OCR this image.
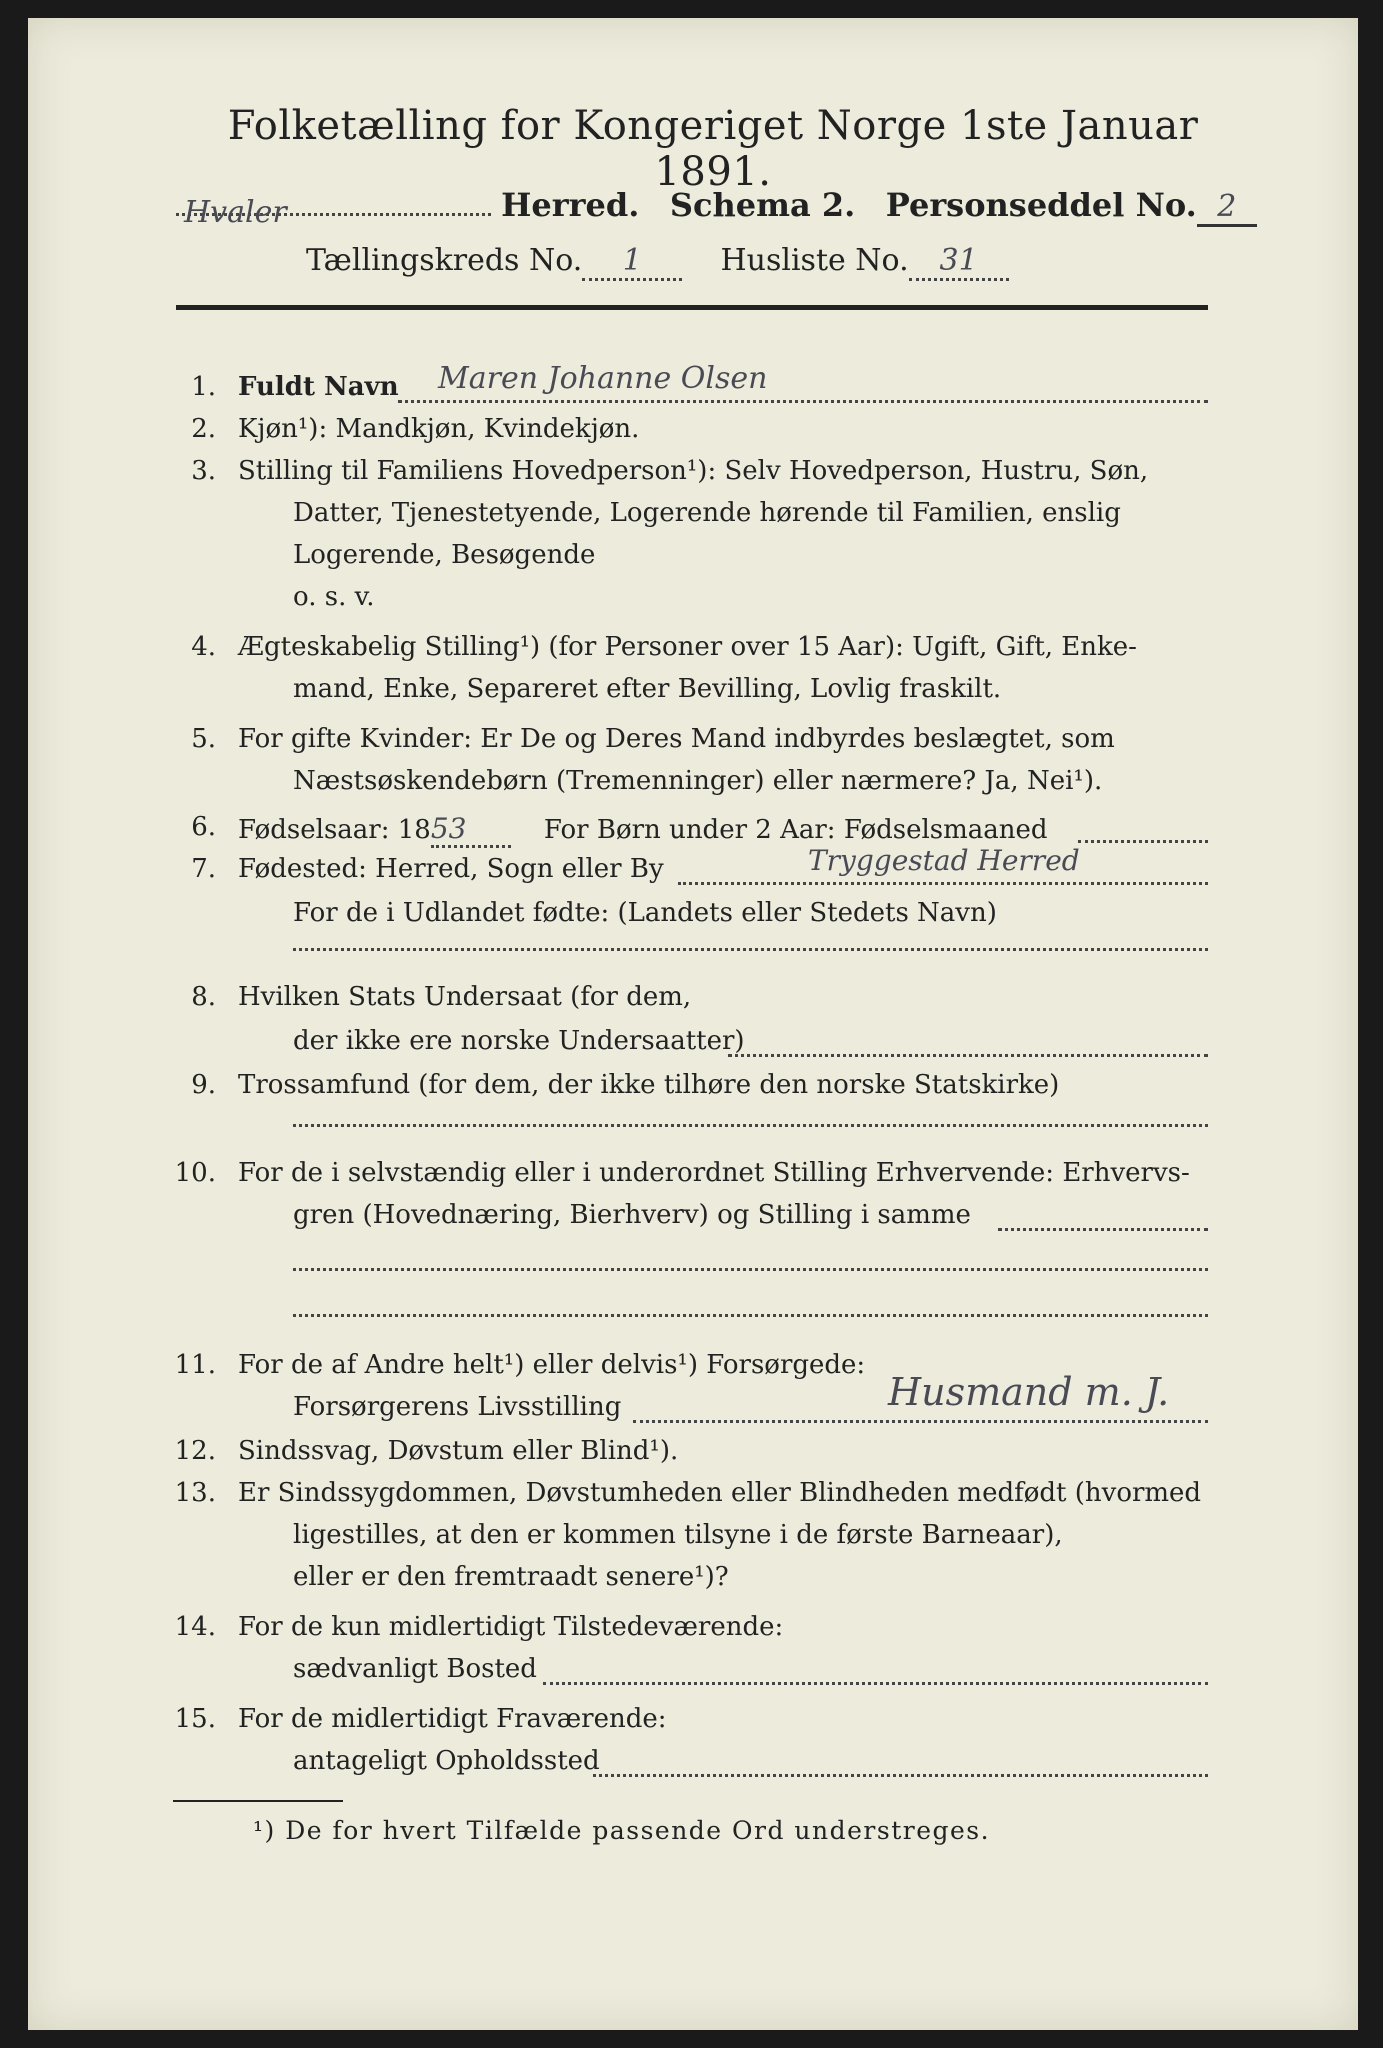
Folketælling for Kongeriget Norge 1ste Januar 1891.
Hvaler	Herred. Schema 2. Personseddel No. 2
Tællingskreds No. 1	Husliste No. 31
1. Fuldt Navn Maren Johanne Olsen
2. Kjøn¹): Mandkjøn, Kvindekjøn.
3. Stilling til Familiens Hovedperson¹): Selv Hovedperson, Hustru, Søn,
Datter, Tjenestetyende, Logerende hørende til Familien, enslig
Logerende, Besøgende
o. s. v.
4. Ægteskabelig Stilling¹) (for Personer over 15 Aar): Ugift, Gift, Enke-
mand, Enke, Separeret efter Bevilling, Lovlig fraskilt.
5. For gifte Kvinder: Er De og Deres Mand indbyrdes beslægtet, som
Næstsøskendebørn (Tremenninger) eller nærmere? Ja, Nei¹).
6. Fødselsaar: 1853	For Børn under 2 Aar: Fødselsmaaned
7. Fødested: Herred, Sogn eller By	Tryggestad Herred
For de i Udlandet fødte: (Landets eller Stedets Navn)
8. Hvilken Stats Undersaat (for dem,
der ikke ere norske Undersaatter)
9. Trossamfund (for dem, der ikke tilhøre den norske Statskirke)
10. For de i selvstændig eller i underordnet Stilling Erhvervende: Erhvervs-
gren (Hovednæring, Bierhverv) og Stilling i samme
11. For de af Andre helt¹) eller delvis¹) Forsørgede:
Forsørgerens Livsstilling	Husmand m. J.
12. Sindssvag, Døvstum eller Blind¹).
13. Er Sindssygdommen, Døvstumheden eller Blindheden medfødt (hvormed
ligestilles, at den er kommen tilsyne i de første Barneaar),
eller er den fremtraadt senere¹)?
14. For de kun midlertidigt Tilstedeværende:
sædvanligt Bosted
15. For de midlertidigt Fraværende:
antageligt Opholdssted
¹) De for hvert Tilfælde passende Ord understreges.
